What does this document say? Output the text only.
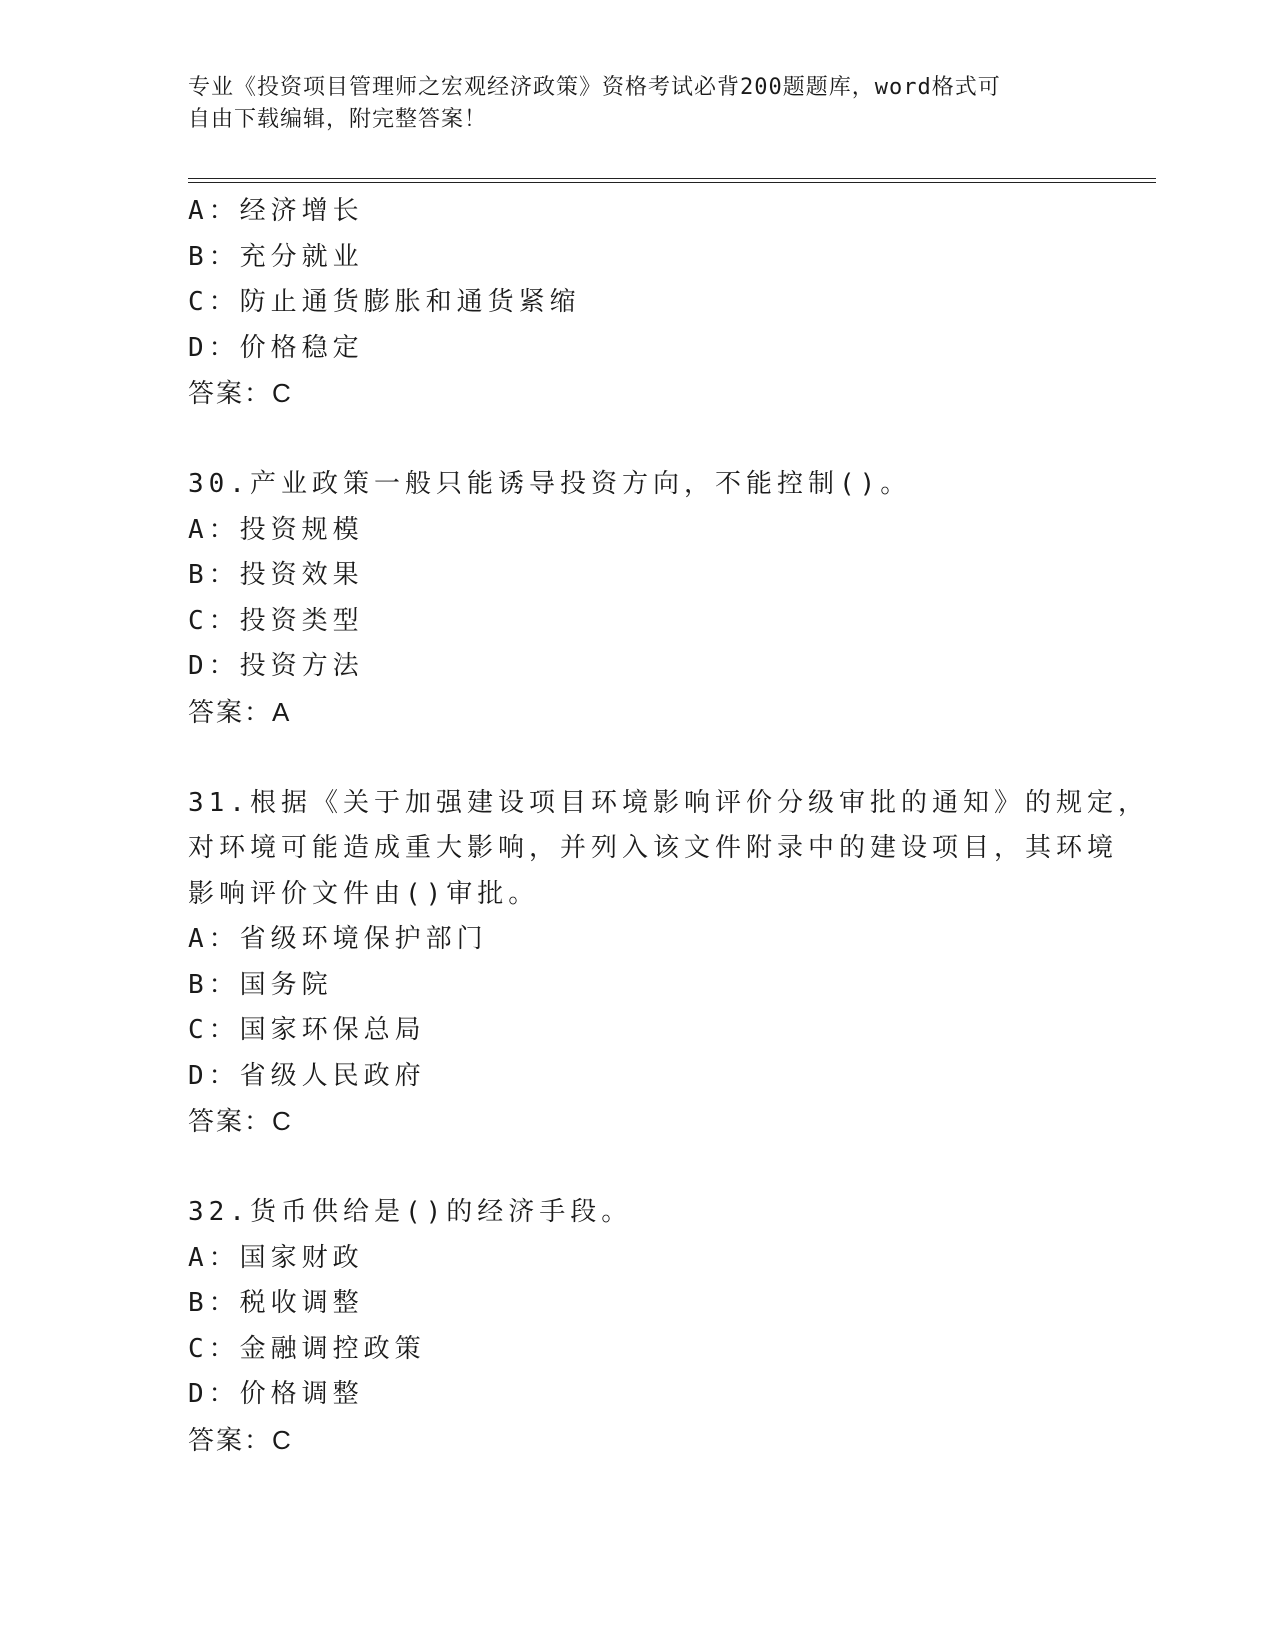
专业《投资项目管理师之宏观经济政策》资格考试必背200题题库，word格式可
自由下载编辑，附完整答案！
A：经济增长
B：充分就业
C：防止通货膨胀和通货紧缩
D：价格稳定
答案：C
30.产业政策一般只能诱导投资方向，不能控制()。
A：投资规模
B：投资效果
C：投资类型
D：投资方法
答案：A
31.根据《关于加强建设项目环境影响评价分级审批的通知》的规定，
对环境可能造成重大影响，并列入该文件附录中的建设项目，其环境
影响评价文件由()审批。
A：省级环境保护部门
B：国务院
C：国家环保总局
D：省级人民政府
答案：C
32.货币供给是()的经济手段。
A：国家财政
B：税收调整
C：金融调控政策
D：价格调整
答案：C
